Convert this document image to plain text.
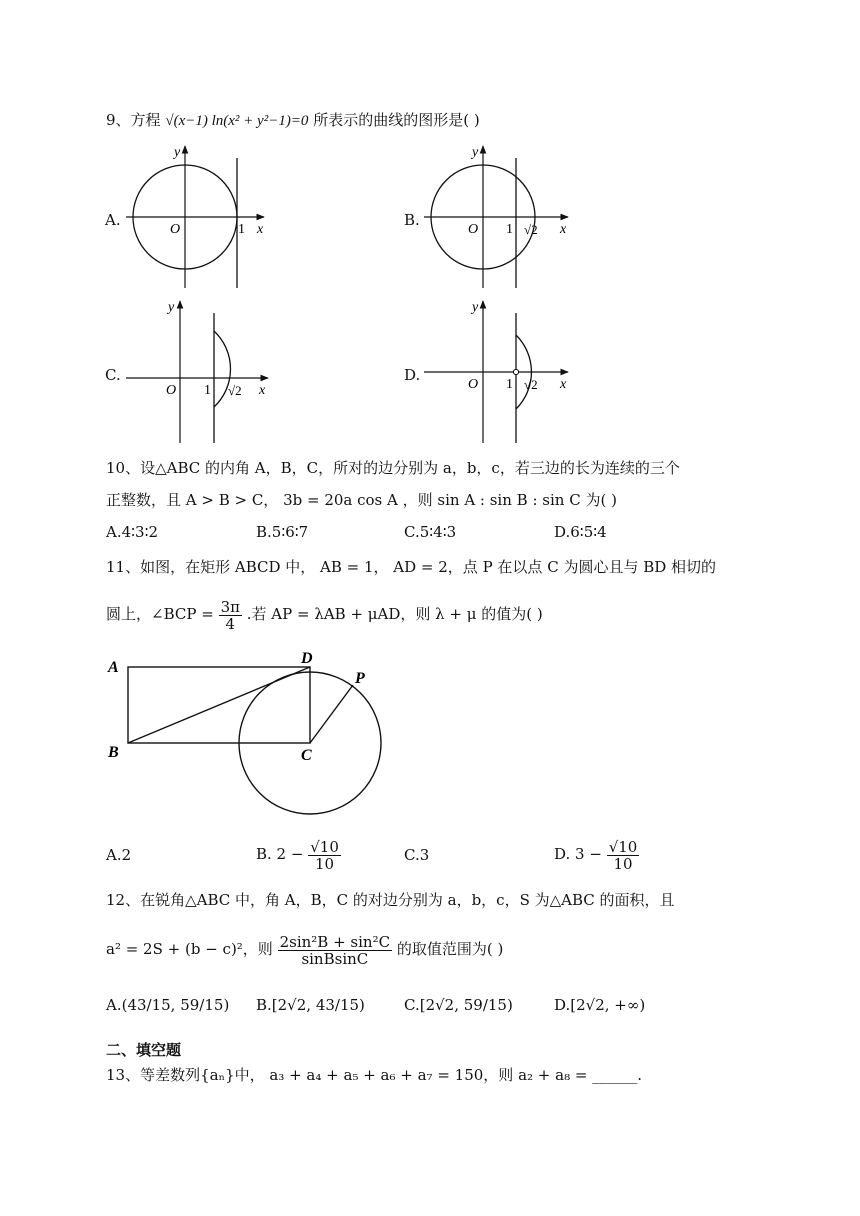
9、方程 √(x−1) ln(x² + y²−1)=0 所表示的曲线的图形是( )
A.
y
O	1 x
B.
y
O 1 √2 x
C.
y
O 1 √2 x
D.
y
O 1 √2 x
10、设△ABC 的内角 A，B，C，所对的边分别为 a，b，c，若三边的长为连续的三个
正整数，且 A > B > C， 3b = 20a cos A ，则 sin A : sin B : sin C 为( )
A.4∶3∶2	B.5∶6∶7	C.5∶4∶3	D.6∶5∶4
11、如图，在矩形 ABCD 中， AB = 1， AD = 2，点 P 在以点 C 为圆心且与 BD 相切的
圆上，∠BCP = $\frac{3\pi}{4}$ .若 AP = λAB + μAD，则 λ + μ 的值为( )
A
B	C
D
P
A.2	B. $2 - \frac{√10}{10}$	C.3	D. $3 - \frac{√10}{10}$
12、在锐角△ABC 中，角 A，B，C 的对边分别为 a，b，c，S 为△ABC 的面积，且
a² = 2S + (b − c)²，则 $\frac{\text{2sin²B + sin²C}}{\text{sinBsinC}}$ 的取值范围为( )
A.(43/15, 59/15) B.[2√2, 43/15)	C.[2√2, 59/15)	D.[2√2, +∞)
二、填空题
13、等差数列{aₙ}中， a₃ + a₄ + a₅ + a₆ + a₇ = 150，则 a₂ + a₈ = ______.
